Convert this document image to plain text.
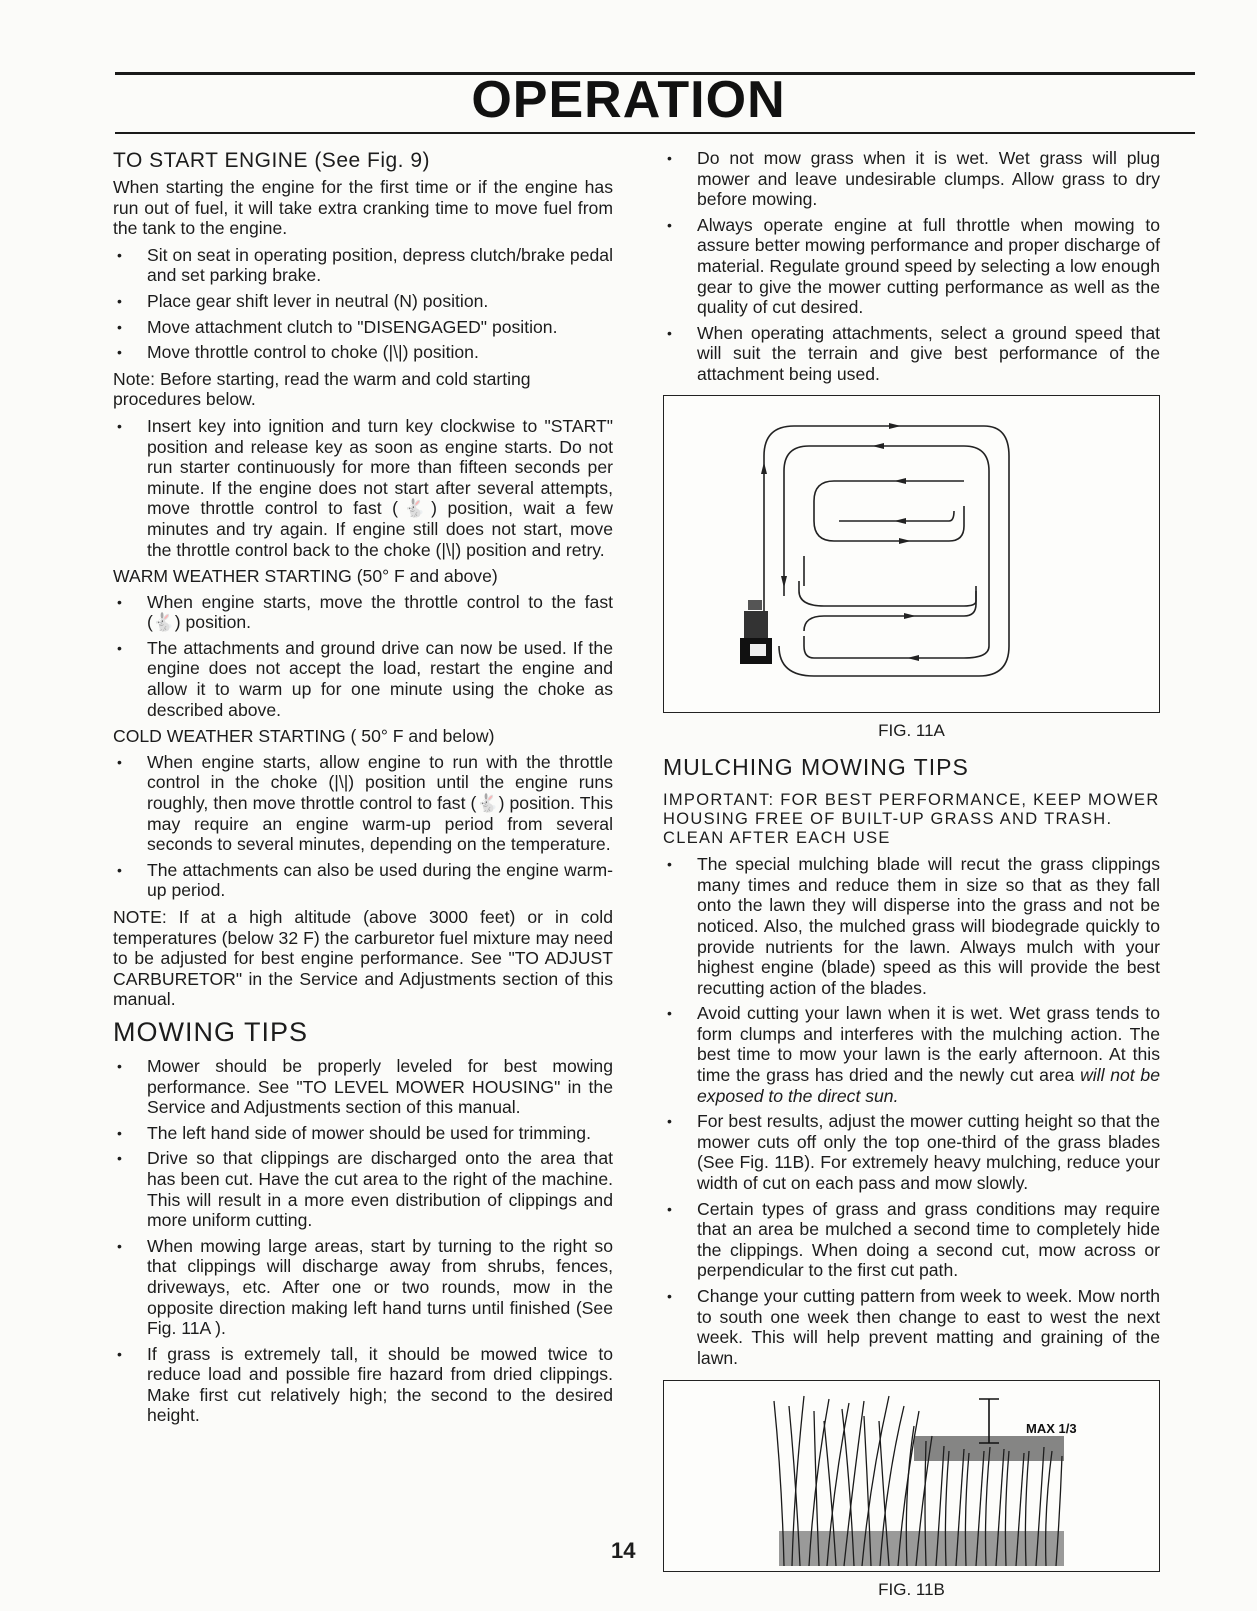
OPERATION
TO START ENGINE (See Fig. 9)

When starting the engine for the first time or if the engine has run out of fuel, it will take extra cranking time to move fuel from the tank to the engine.

• Sit on seat in operating position, depress clutch/brake pedal and set parking brake.
• Place gear shift lever in neutral (N) position.
• Move attachment clutch to "DISENGAGED" position.
• Move throttle control to choke (|\|) position.

Note: Before starting, read the warm and cold starting procedures below.

• Insert key into ignition and turn key clockwise to "START" position and release key as soon as engine starts. Do not run starter continuously for more than fifteen seconds per minute. If the engine does not start after several attempts, move throttle control to fast (🐇) position, wait a few minutes and try again. If engine still does not start, move the throttle control back to the choke (|\|) position and retry.
WARM WEATHER STARTING (50° F and above)
• When engine starts, move the throttle control to the fast (🐇) position.
• The attachments and ground drive can now be used. If the engine does not accept the load, restart the engine and allow it to warm up for one minute using the choke as described above.
COLD WEATHER STARTING ( 50° F and below)
• When engine starts, allow engine to run with the throttle control in the choke (|\|) position until the engine runs roughly, then move throttle control to fast (🐇) position. This may require an engine warm-up period from several seconds to several minutes, depending on the temperature.
• The attachments can also be used during the engine warm-up period.

NOTE: If at a high altitude (above 3000 feet) or in cold temperatures (below 32 F) the carburetor fuel mixture may need to be adjusted for best engine performance. See "TO ADJUST CARBURETOR" in the Service and Adjustments section of this manual.

MOWING TIPS
• Mower should be properly leveled for best mowing performance. See "TO LEVEL MOWER HOUSING" in the Service and Adjustments section of this manual.
• The left hand side of mower should be used for trimming.
• Drive so that clippings are discharged onto the area that has been cut. Have the cut area to the right of the machine. This will result in a more even distribution of clippings and more uniform cutting.
• When mowing large areas, start by turning to the right so that clippings will discharge away from shrubs, fences, driveways, etc. After one or two rounds, mow in the opposite direction making left hand turns until finished (See Fig. 11A ).
• If grass is extremely tall, it should be mowed twice to reduce load and possible fire hazard from dried clippings. Make first cut relatively high; the second to the desired height.
• Do not mow grass when it is wet. Wet grass will plug mower and leave undesirable clumps. Allow grass to dry before mowing.
• Always operate engine at full throttle when mowing to assure better mowing performance and proper discharge of material. Regulate ground speed by selecting a low enough gear to give the mower cutting performance as well as the quality of cut desired.
• When operating attachments, select a ground speed that will suit the terrain and give best performance of the attachment being used.
FIG. 11A
MULCHING MOWING TIPS
IMPORTANT: FOR BEST PERFORMANCE, KEEP MOWER HOUSING FREE OF BUILT-UP GRASS AND TRASH. CLEAN AFTER EACH USE
• The special mulching blade will recut the grass clippings many times and reduce them in size so that as they fall onto the lawn they will disperse into the grass and not be noticed. Also, the mulched grass will biodegrade quickly to provide nutrients for the lawn. Always mulch with your highest engine (blade) speed as this will provide the best recutting action of the blades.
• Avoid cutting your lawn when it is wet. Wet grass tends to form clumps and interferes with the mulching action. The best time to mow your lawn is the early afternoon. At this time the grass has dried and the newly cut area will not be exposed to the direct sun.
• For best results, adjust the mower cutting height so that the mower cuts off only the top one-third of the grass blades (See Fig. 11B). For extremely heavy mulching, reduce your width of cut on each pass and mow slowly.
• Certain types of grass and grass conditions may require that an area be mulched a second time to completely hide the clippings. When doing a second cut, mow across or perpendicular to the first cut path.
• Change your cutting pattern from week to week. Mow north to south one week then change to east to west the next week. This will help prevent matting and graining of the lawn.
MAX 1/3
FIG. 11B
14
